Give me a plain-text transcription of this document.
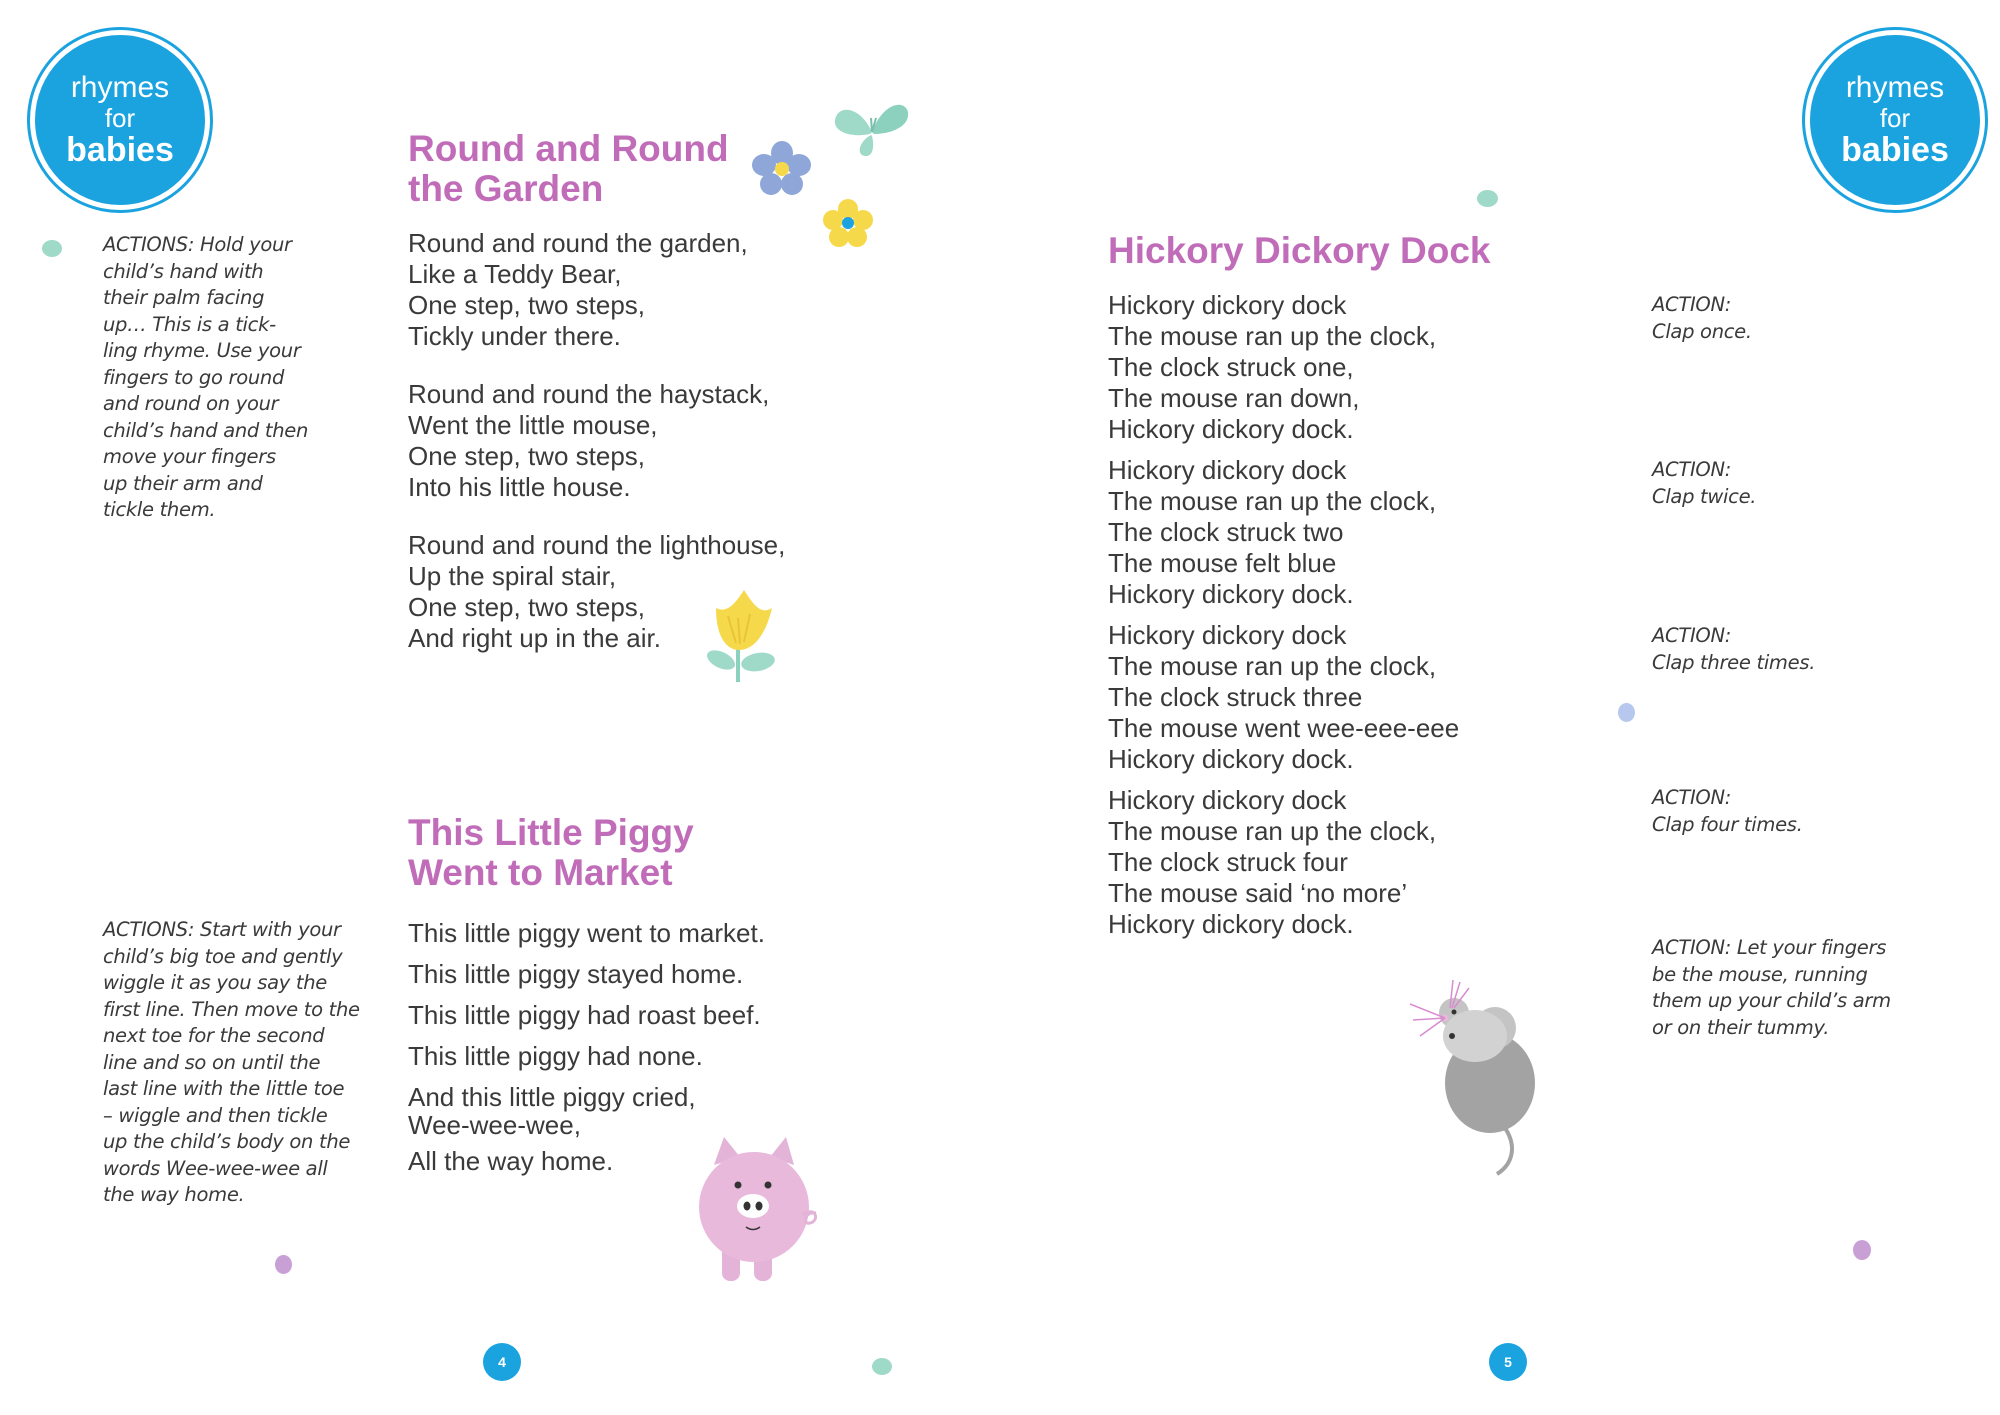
rhymes
for
babies	Round and Round
the Garden
Round and round the garden,
Like a Teddy Bear,
One step, two steps,
Tickly under there.
Round and round the haystack,
Went the little mouse,
One step, two steps,
Into his little house.
Round and round the lighthouse,
Up the spiral stair,
One step, two steps,
And right up in the air.
ACTIONS: Hold your
child’s hand with
their palm facing
up… This is a tick-
ling rhyme. Use your
fingers to go round
and round on your
child’s hand and then
move your fingers
up their arm and
tickle them.
This Little Piggy
Went to Market
This little piggy went to market.
This little piggy stayed home.
This little piggy had roast beef.
This little piggy had none.
And this little piggy cried,
Wee-wee-wee,
All the way home.
ACTIONS: Start with your
child’s big toe and gently
wiggle it as you say the
first line. Then move to the
next toe for the second
line and so on until the
last line with the little toe
– wiggle and then tickle
up the child’s body on the
words Wee-wee-wee all
the way home.
4
rhymes
for
babies
Hickory Dickory Dock
Hickory dickory dock
The mouse ran up the clock,
The clock struck one,
The mouse ran down,
Hickory dickory dock.
Hickory dickory dock
The mouse ran up the clock,
The clock struck two
The mouse felt blue
Hickory dickory dock.
Hickory dickory dock
The mouse ran up the clock,
The clock struck three
The mouse went wee-eee-eee
Hickory dickory dock.
Hickory dickory dock
The mouse ran up the clock,
The clock struck four
The mouse said ‘no more’
Hickory dickory dock.
ACTION:
Clap once.
ACTION:
Clap twice.
ACTION:
Clap three times.
ACTION:
Clap four times.
ACTION: Let your fingers
be the mouse, running
them up your child’s arm
or on their tummy.
5
